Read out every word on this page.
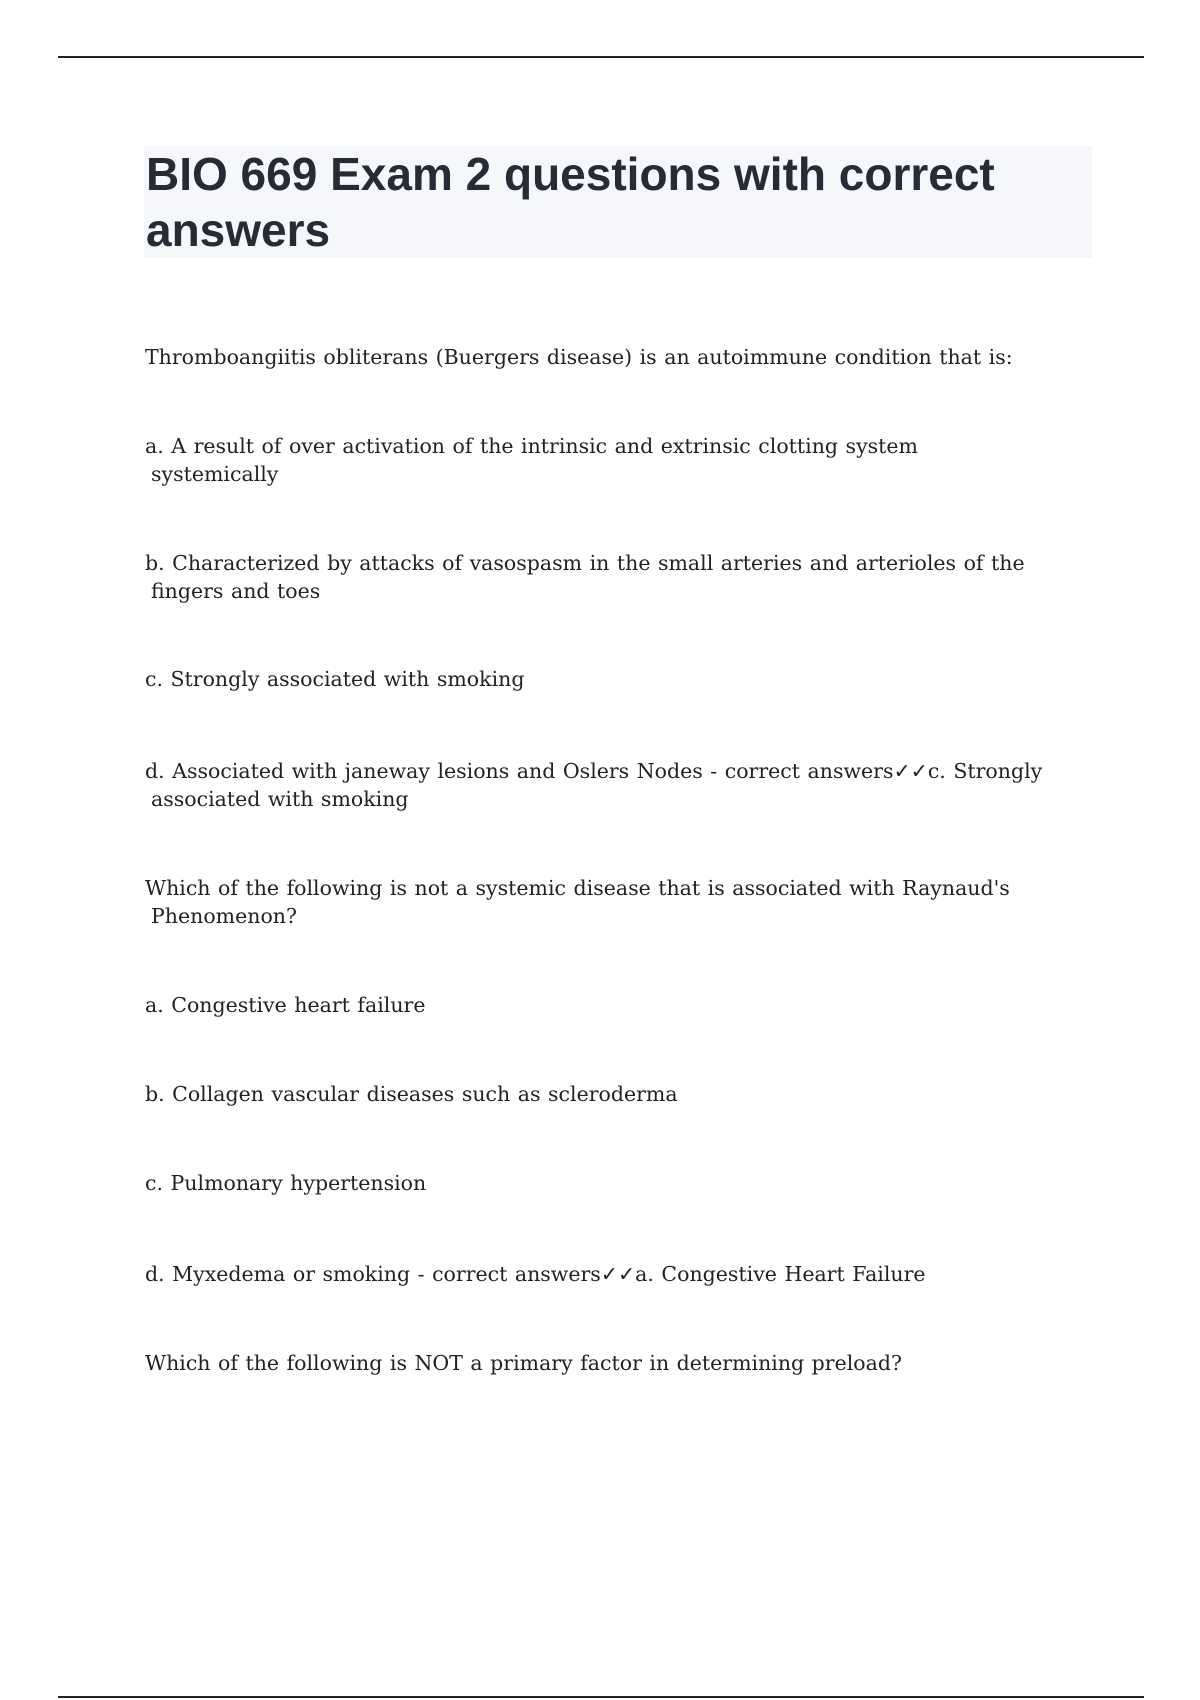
BIO 669 Exam 2 questions with correct answers
Thromboangiitis obliterans (Buergers disease) is an autoimmune condition that is:
a. A result of over activation of the intrinsic and extrinsic clotting system
systemically
b. Characterized by attacks of vasospasm in the small arteries and arterioles of the
fingers and toes
c. Strongly associated with smoking
d. Associated with janeway lesions and Oslers Nodes - correct answers✓✓c. Strongly
associated with smoking
Which of the following is not a systemic disease that is associated with Raynaud's
Phenomenon?
a. Congestive heart failure
b. Collagen vascular diseases such as scleroderma
c. Pulmonary hypertension
d. Myxedema or smoking - correct answers✓✓a. Congestive Heart Failure
Which of the following is NOT a primary factor in determining preload?
